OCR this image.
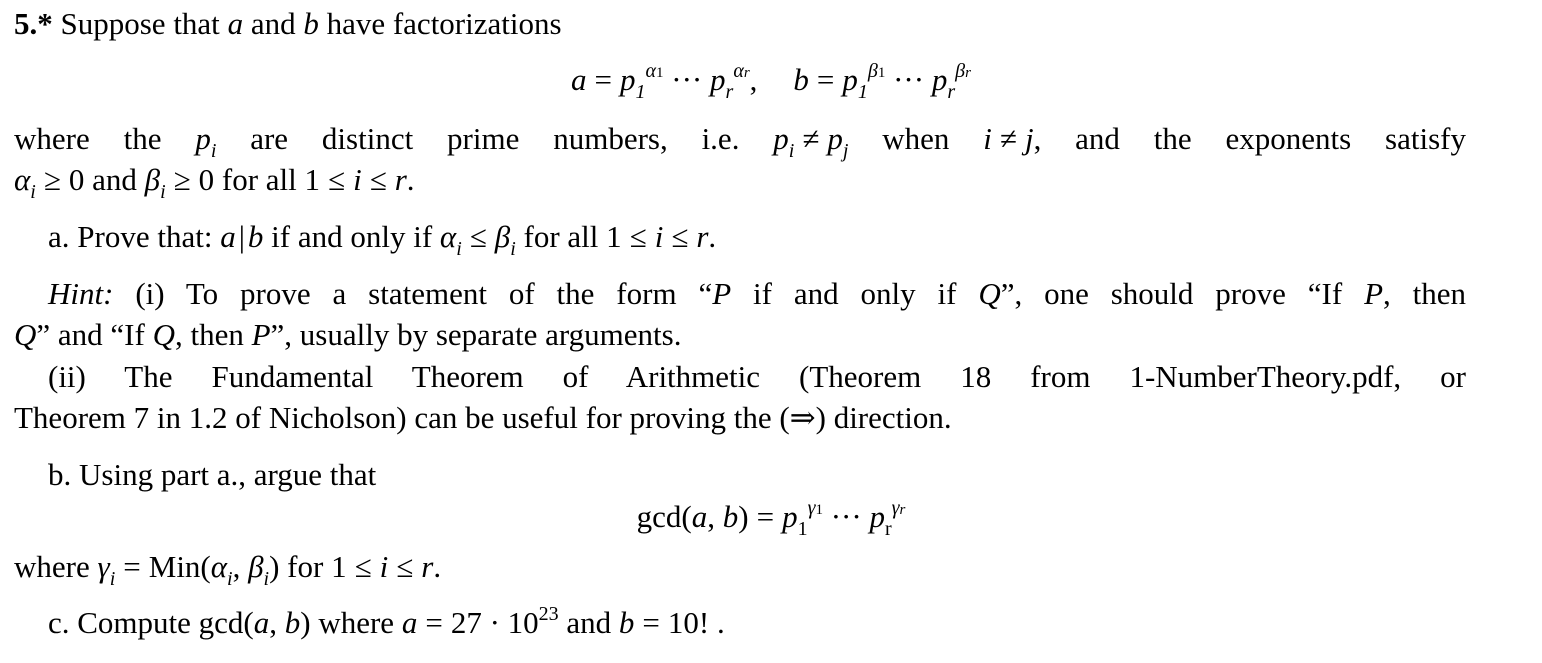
5.* Suppose that a and b have factorizations
$a = p_1^{\alpha 1}$ ··· $p_r^{\alpha r}$, $b = p_1^{\beta 1}$ ··· $p_r^{\beta r}$
where the $p_i$ are distinct prime numbers, i.e. $p_i \ne p_j$ when i ≠ j, and the exponents satisfy
$\alpha_i \ge 0$ and $\beta_i \ge 0$ for all 1 ≤ i ≤ r.
a. Prove that: a|b if and only if $\alpha_i \le \beta_i$ for all 1 ≤ i ≤ r.
Hint: (i) To prove a statement of the form “P if and only if Q”, one should prove “If P, then
Q” and “If Q, then P”, usually by separate arguments.
(ii) The Fundamental Theorem of Arithmetic (Theorem 18 from 1-NumberTheory.pdf, or
Theorem 7 in 1.2 of Nicholson) can be useful for proving the (⇒) direction.
b. Using part a., argue that
gcd(a, $b) = p_1^{\gamma 1}$ ··· $p_r^{\gamma r}$
where $\gamma_i = Min(\alpha_i$, $\beta_i$) for 1 ≤ i ≤ r.
c. Compute gcd(a, b) where $a = 27 \cdot 10^{23}$ and b = 10! .
